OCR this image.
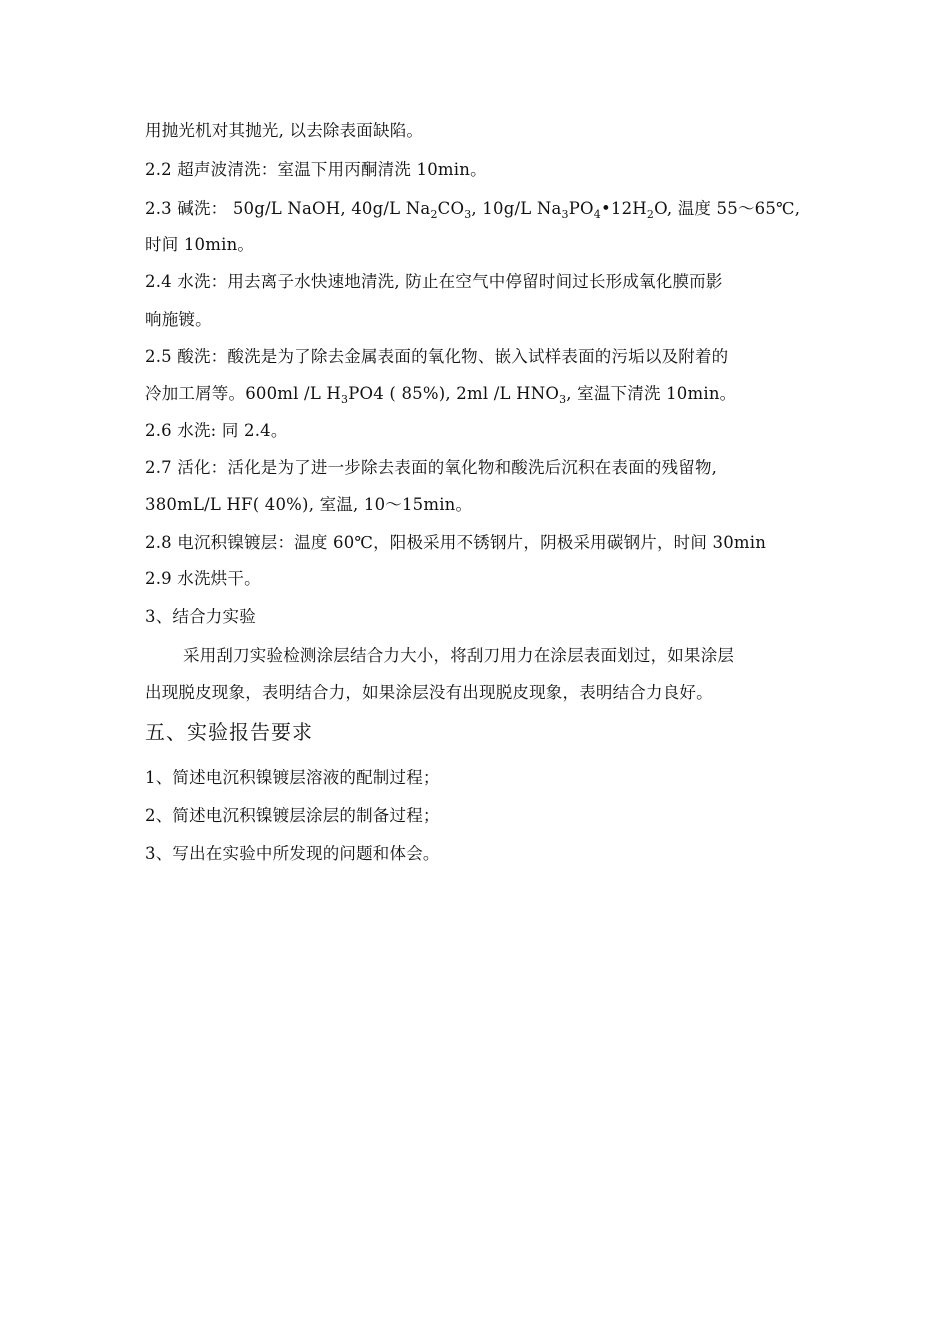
用抛光机对其抛光, 以去除表面缺陷。
2.2 超声波清洗：室温下用丙酮清洗 10min。
2.3 碱洗： 50g/L NaOH, 40g/L $Na_2CO_3$, 10g/L $Na_3PO_4•12H_2O$, 温度 55～65℃,
时间 10min。
2.4 水洗：用去离子水快速地清洗, 防止在空气中停留时间过长形成氧化膜而影
响施镀。
2.5 酸洗：酸洗是为了除去金属表面的氧化物、嵌入试样表面的污垢以及附着的
冷加工屑等。600ml /L $H_3PO4$ ( 85%), 2ml /L $HNO_3$, 室温下清洗 10min。
2.6 水洗: 同 2.4。
2.7 活化：活化是为了进一步除去表面的氧化物和酸洗后沉积在表面的残留物,
380mL/L HF( 40%), 室温, 10～15min。
2.8 电沉积镍镀层：温度 60℃，阳极采用不锈钢片，阴极采用碳钢片，时间 30min
2.9 水洗烘干。
3、结合力实验
采用刮刀实验检测涂层结合力大小，将刮刀用力在涂层表面划过，如果涂层
出现脱皮现象，表明结合力，如果涂层没有出现脱皮现象，表明结合力良好。
五、实验报告要求
1、简述电沉积镍镀层溶液的配制过程；
2、简述电沉积镍镀层涂层的制备过程；
3、写出在实验中所发现的问题和体会。
